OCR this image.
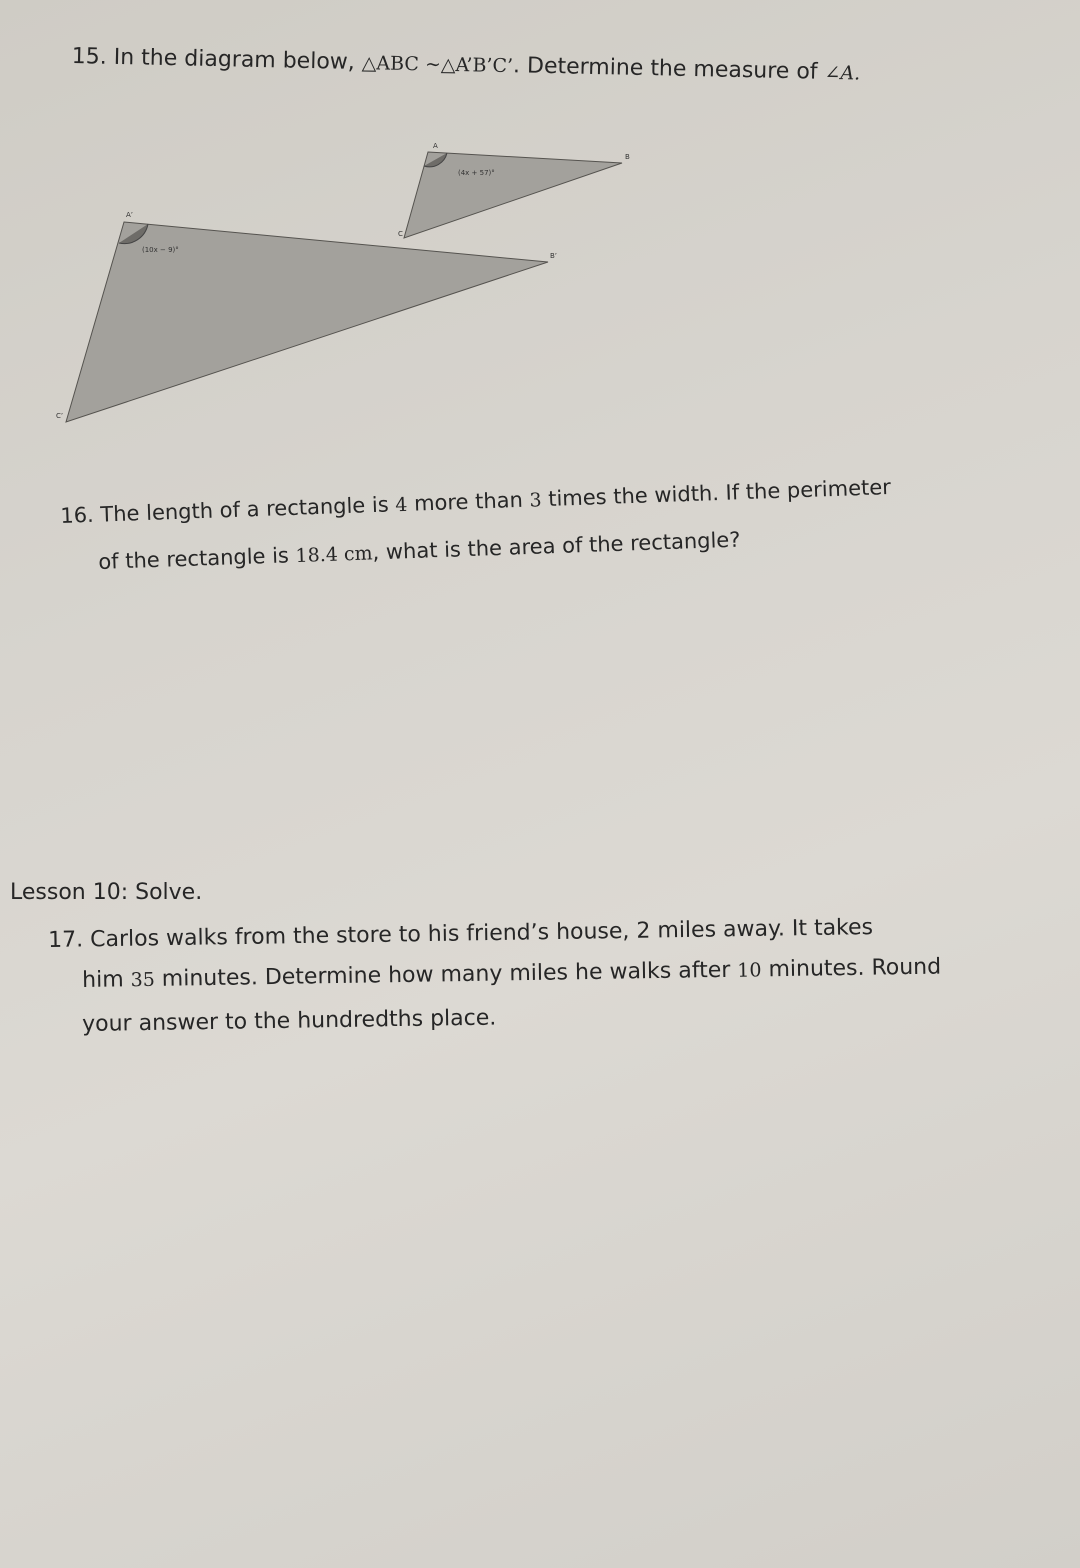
15. In the diagram below, △ABC ~△A’B’C’. Determine the measure of ∠A.

A
B
C
(4x + 57)°
A’
B’
C’
(10x − 9)°

16. The length of a rectangle is 4 more than 3 times the width. If the perimeter

of the rectangle is 18.4 cm, what is the area of the rectangle?

Lesson 10: Solve.

17. Carlos walks from the store to his friend’s house, 2 miles away. It takes

him 35 minutes. Determine how many miles he walks after 10 minutes. Round

your answer to the hundredths place.
